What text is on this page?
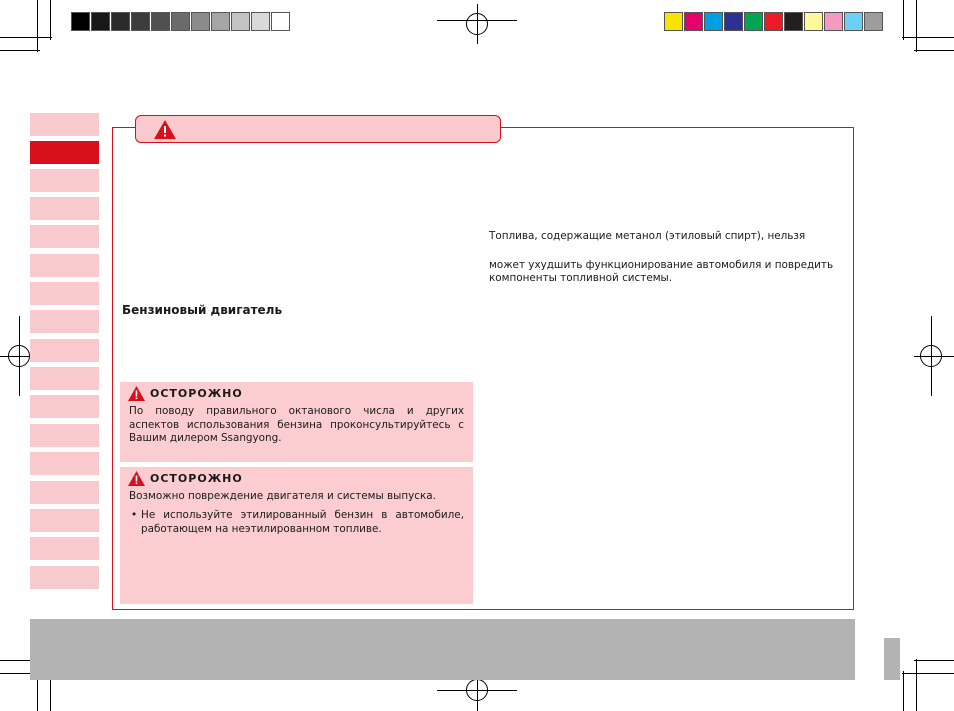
Топлива, содержащие метанол (этиловый спирт), нельзя
может ухудшить функционирование автомобиля и повредить
компоненты топливной системы.
Бензиновый двигатель
ОСТОРОЖНО
По поводу правильного октанового числа и других аспектов использования бензина проконсультируйтесь с Вашим дилером Ssangyong.
ОСТОРОЖНО
Возможно повреждение двигателя и системы выпуска.
• Не используйте этилированный бензин в автомобиле, работающем на неэтилированном топливе.
